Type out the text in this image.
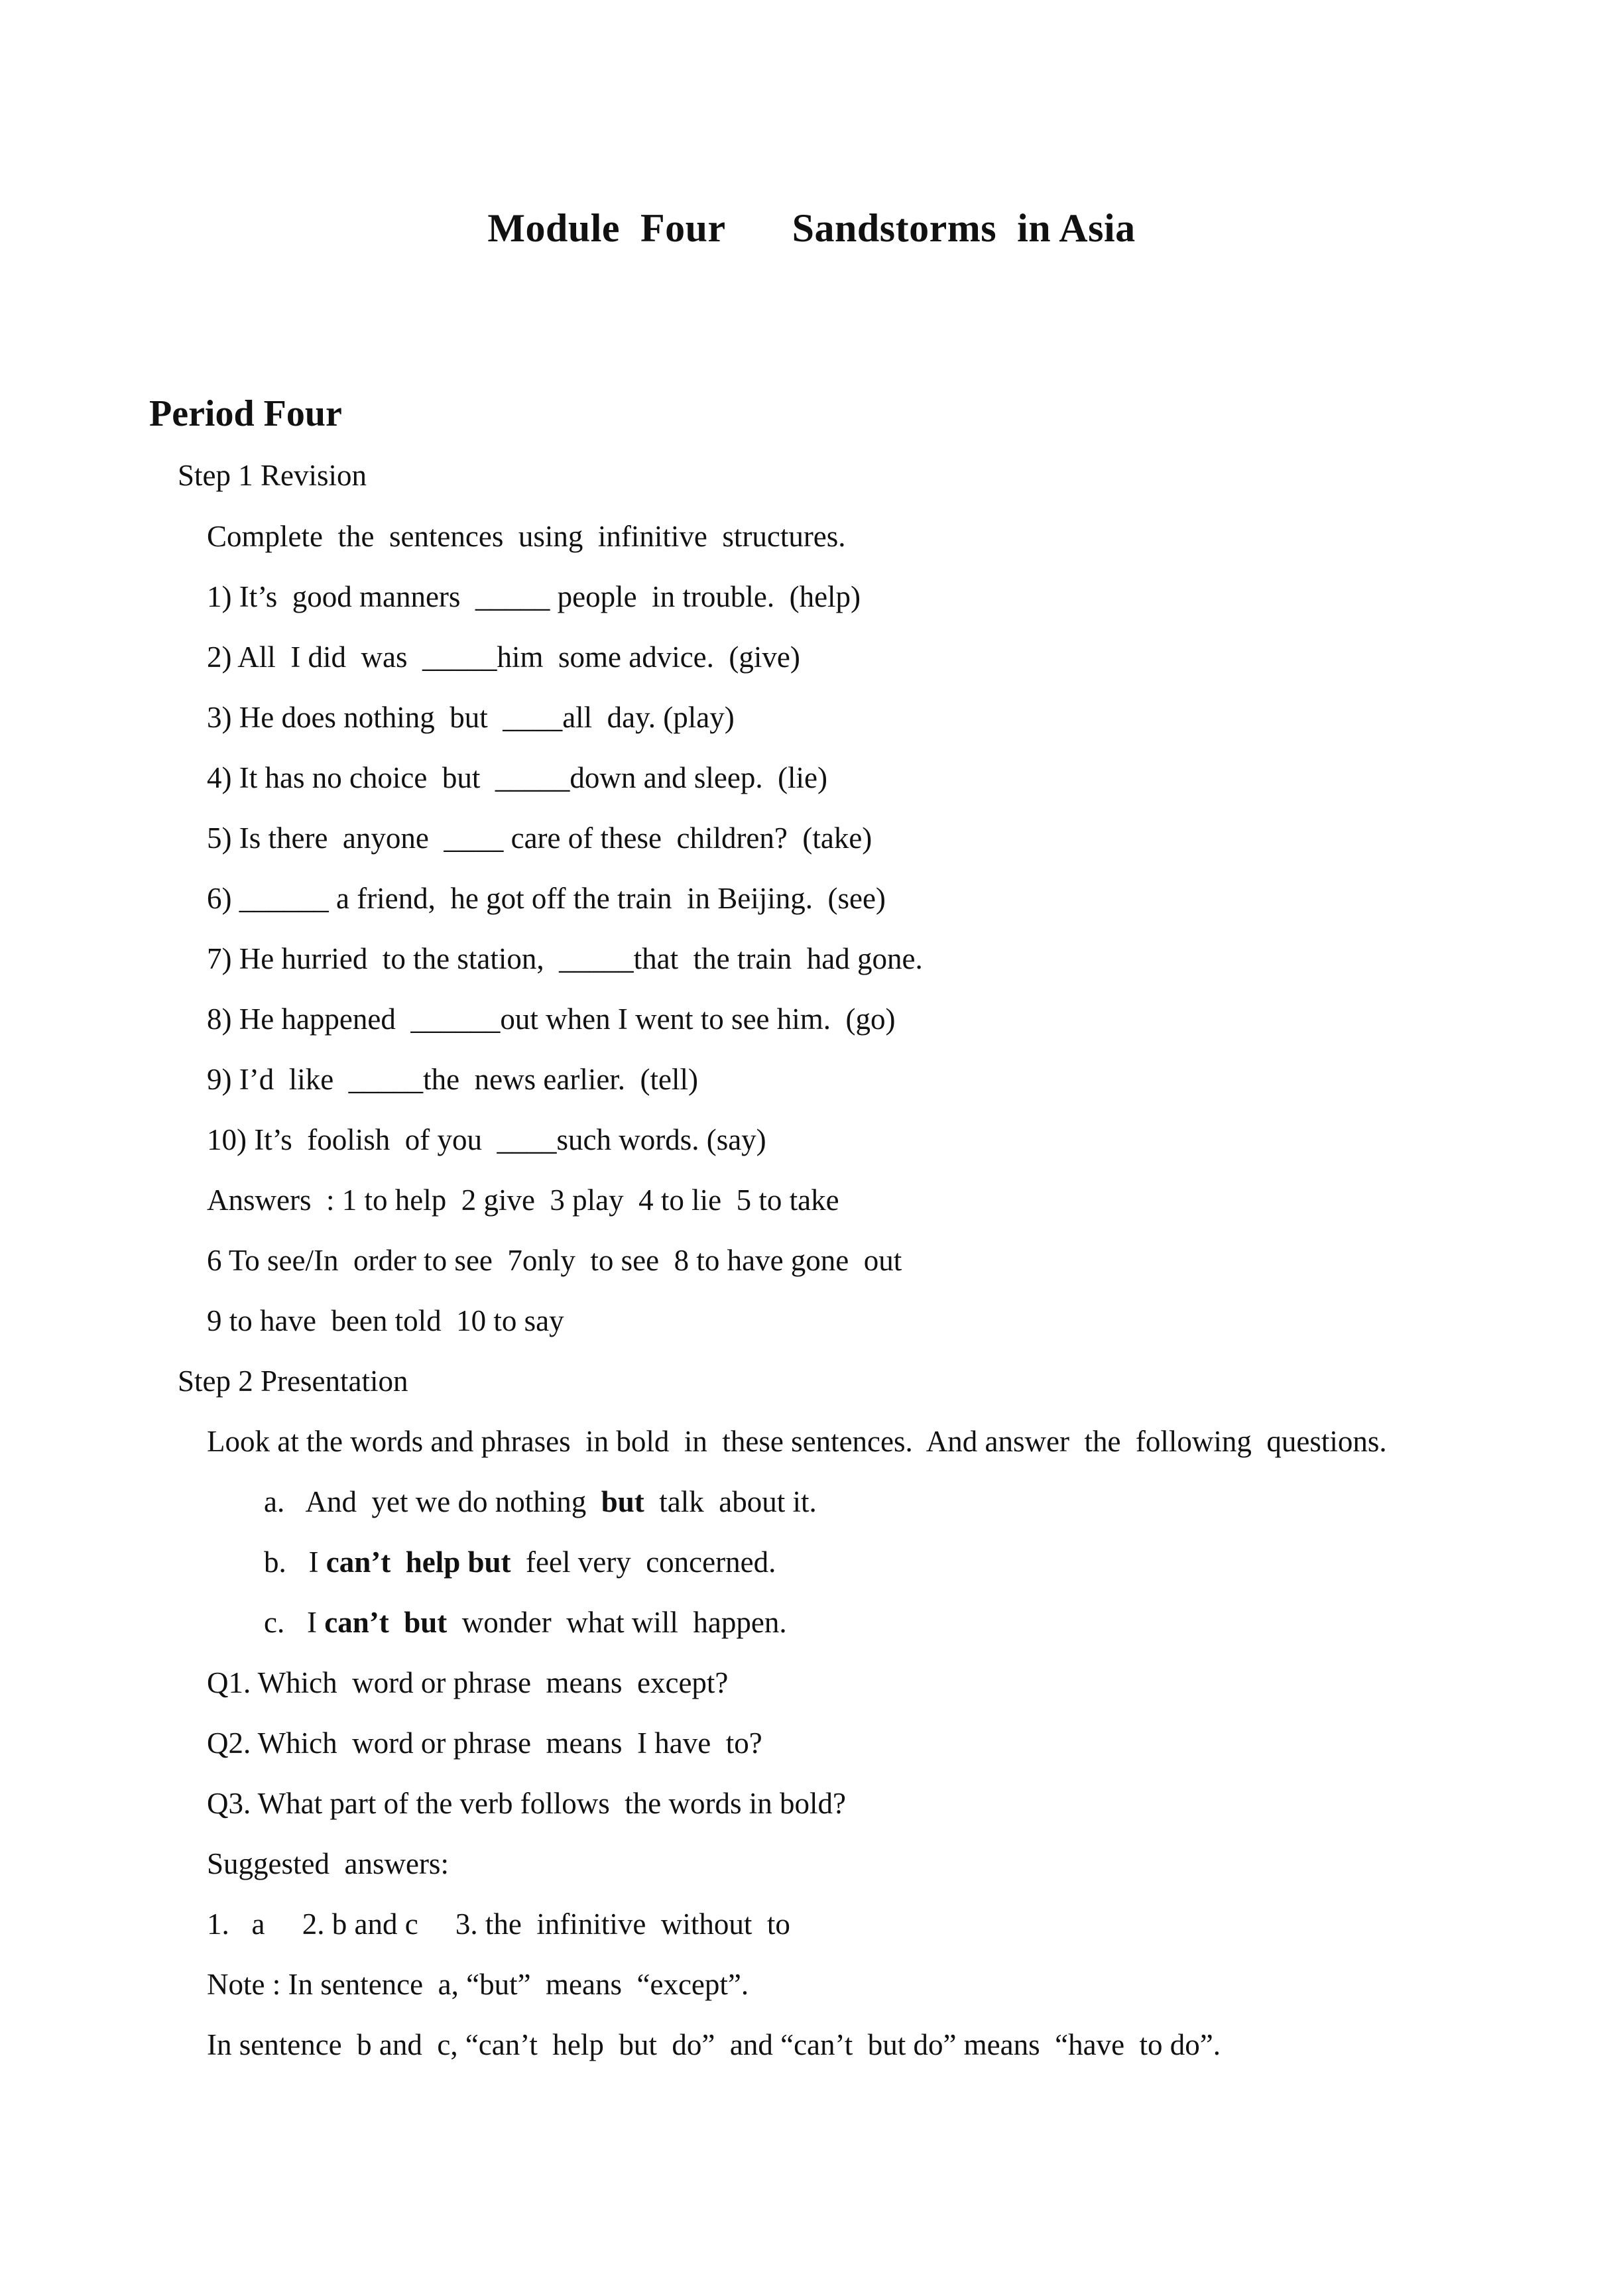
Module  Four Sandstorms  in Asia
Period Four
Step 1 Revision
Complete  the  sentences  using  infinitive  structures.
1) It’s  good manners  _____ people  in trouble.  (help)
2) All  I did  was  _____him  some advice.  (give)
3) He does nothing  but  ____all  day. (play)
4) It has no choice  but  _____down and sleep.  (lie)
5) Is there  anyone  ____ care of these  children?  (take)
6) ______ a friend,  he got off the train  in Beijing.  (see)
7) He hurried  to the station,  _____that  the train  had gone.
8) He happened  ______out when I went to see him.  (go)
9) I’d  like  _____the  news earlier.  (tell)
10) It’s  foolish  of you  ____such words. (say)
Answers  : 1 to help  2 give  3 play  4 to lie  5 to take
6 To see/In  order to see  7only  to see  8 to have gone  out
9 to have  been told  10 to say
Step 2 Presentation
Look at the words and phrases  in bold  in  these sentences.  And answer  the  following  questions.
a. And  yet we do nothing  but  talk  about it.
b. I can’t  help but  feel very  concerned.
c. I can’t  but  wonder  what will  happen.
Q1. Which  word or phrase  means  except?
Q2. Which  word or phrase  means  I have  to?
Q3. What part of the verb follows  the words in bold?
Suggested  answers:
1.   a     2. b and c     3. the  infinitive  without  to
Note : In sentence  a, “but”  means  “except”.
In sentence  b and  c, “can’t  help  but  do”  and “can’t  but do” means  “have  to do”.
